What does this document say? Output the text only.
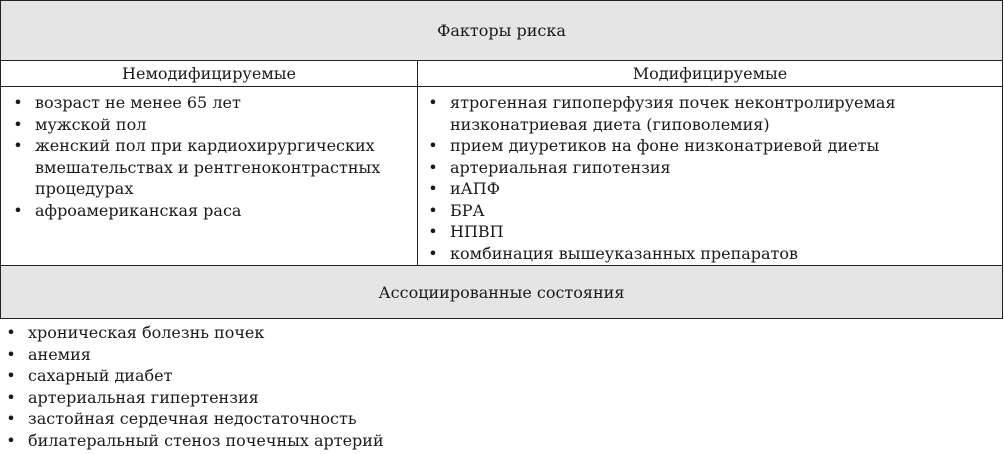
Факторы риска
Немодифицируемые	Модифицируемые
• возраст не менее 65 лет
• мужской пол
• женский пол при кардиохирургических вмешательствах и рентгеноконтрастных процедурах
• афроамериканская раса
• ятрогенная гипоперфузия почек неконтролируемая низконатриевая диета (гиповолемия)
• прием диуретиков на фоне низконатриевой диеты
• артериальная гипотензия
• иАПФ
• БРА
• НПВП
• комбинация вышеуказанных препаратов
Ассоциированные состояния
• хроническая болезнь почек
• анемия
• сахарный диабет
• артериальная гипертензия
• застойная сердечная недостаточность
• билатеральный стеноз почечных артерий
